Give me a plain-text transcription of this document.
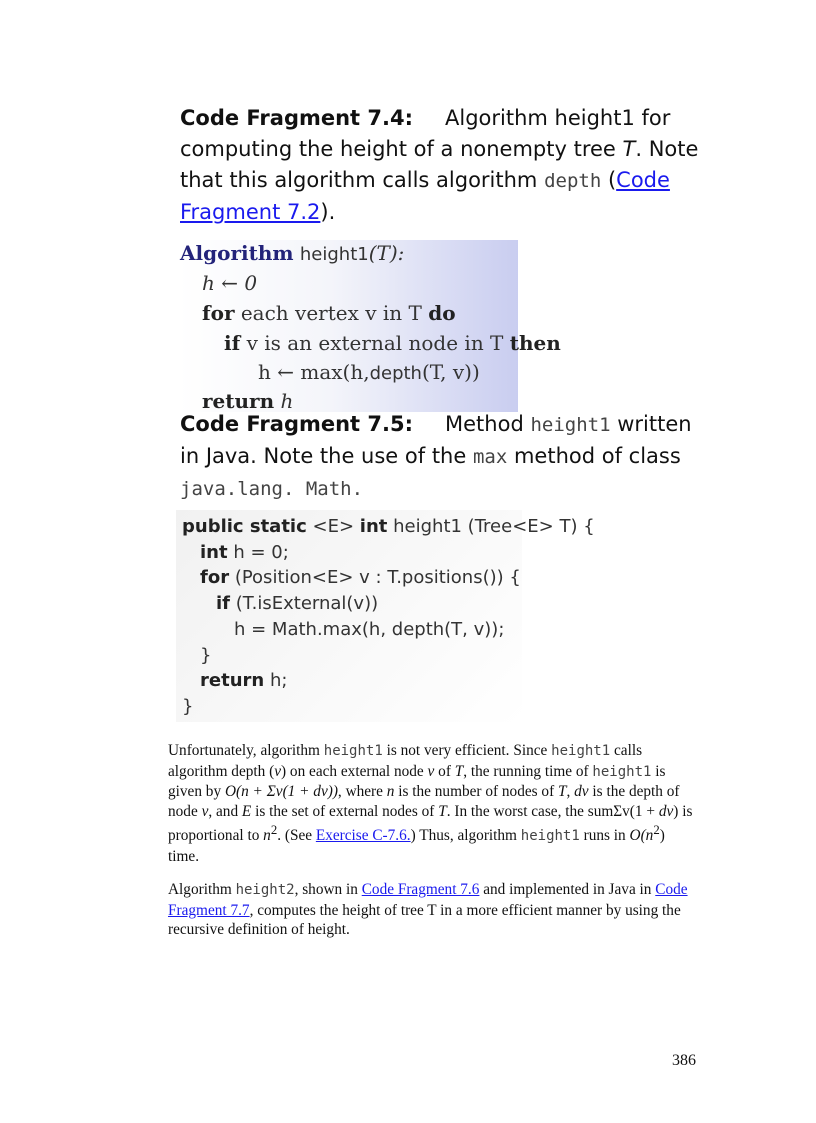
Code Fragment 7.4: Algorithm height1 for computing the height of a nonempty tree T. Note that this algorithm calls algorithm depth (Code Fragment 7.2).
Algorithm height1(T):
h ← 0
for each vertex v in T do
if v is an external node in T then
h ← max(h,depth(T, v))
return h
Code Fragment 7.5: Method height1 written in Java. Note the use of the max method of class java.lang. Math.
public static <E> int height1 (Tree<E> T) {
int h = 0;
for (Position<E> v : T.positions()) {
if (T.isExternal(v))
h = Math.max(h, depth(T, v));
}
return h;
}
Unfortunately, algorithm height1 is not very efficient. Since height1 calls algorithm depth (v) on each external node v of T, the running time of height1 is given by O(n + Σv(1 + dv)), where n is the number of nodes of T, dv is the depth of node v, and E is the set of external nodes of T. In the worst case, the sumΣv(1 + dv) is proportional to $n^2$. (See Exercise C-7.6.) Thus, algorithm height1 runs in $O(n^2)$ time.
Algorithm height2, shown in Code Fragment 7.6 and implemented in Java in Code Fragment 7.7, computes the height of tree T in a more efficient manner by using the recursive definition of height.
386
